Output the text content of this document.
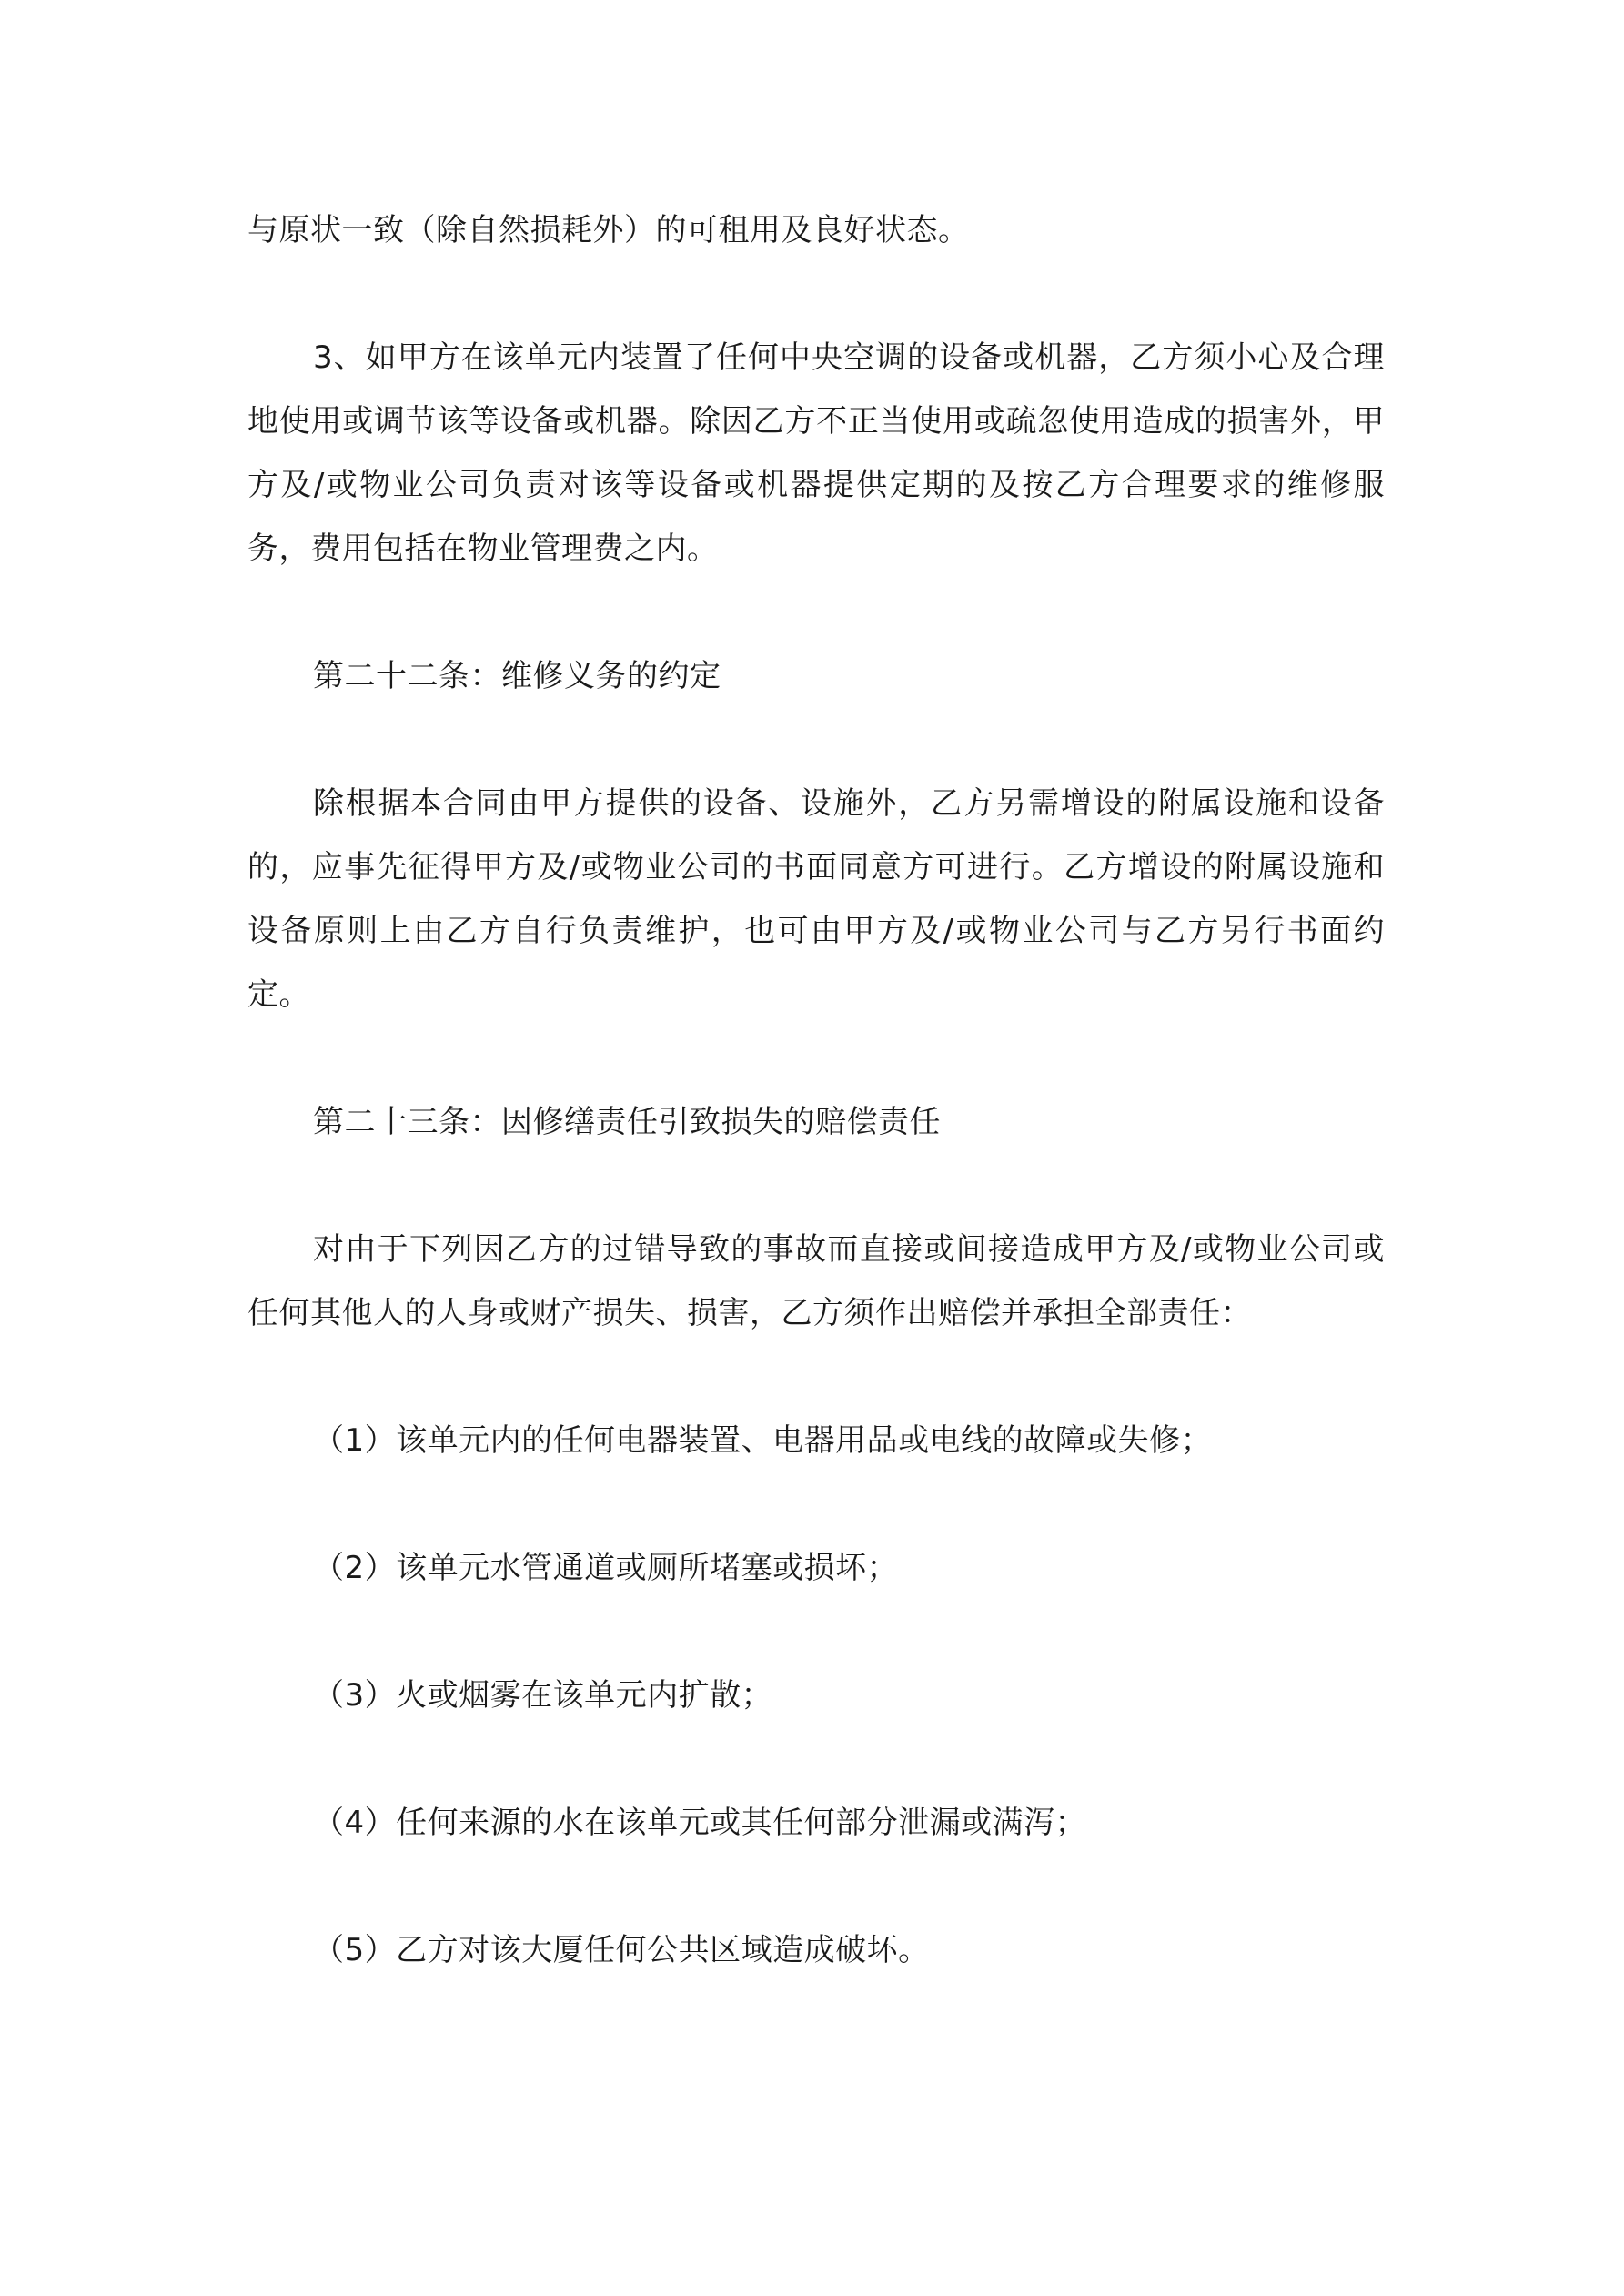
与原状一致（除自然损耗外）的可租用及良好状态。

3、如甲方在该单元内装置了任何中央空调的设备或机器，乙方须小心及合理地使用或调节该等设备或机器。除因乙方不正当使用或疏忽使用造成的损害外，甲方及/或物业公司负责对该等设备或机器提供定期的及按乙方合理要求的维修服务，费用包括在物业管理费之内。

第二十二条：维修义务的约定

除根据本合同由甲方提供的设备、设施外，乙方另需增设的附属设施和设备的，应事先征得甲方及/或物业公司的书面同意方可进行。乙方增设的附属设施和设备原则上由乙方自行负责维护，也可由甲方及/或物业公司与乙方另行书面约定。

第二十三条：因修缮责任引致损失的赔偿责任

对由于下列因乙方的过错导致的事故而直接或间接造成甲方及/或物业公司或任何其他人的人身或财产损失、损害，乙方须作出赔偿并承担全部责任：

（1）该单元内的任何电器装置、电器用品或电线的故障或失修；

（2）该单元水管通道或厕所堵塞或损坏；

（3）火或烟雾在该单元内扩散；

（4）任何来源的水在该单元或其任何部分泄漏或满泻；

（5）乙方对该大厦任何公共区域造成破坏。
